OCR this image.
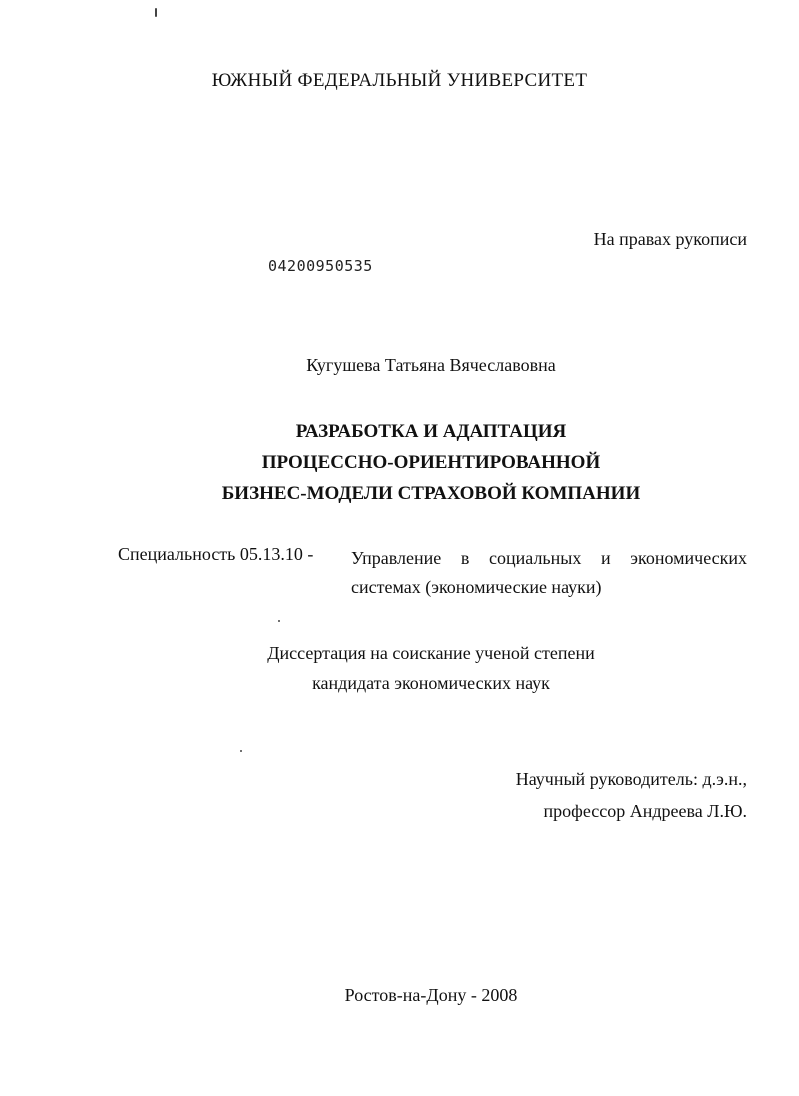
ЮЖНЫЙ ФЕДЕРАЛЬНЫЙ УНИВЕРСИТЕТ
На правах рукописи
04200950535
Кугушева Татьяна Вячеславовна
РАЗРАБОТКА И АДАПТАЦИЯ
ПРОЦЕССНО-ОРИЕНТИРОВАННОЙ
БИЗНЕС-МОДЕЛИ СТРАХОВОЙ КОМПАНИИ
Специальность 05.13.10 - Управление в социальных и экономических
системах (экономические науки)
Диссертация на соискание ученой степени
кандидата экономических наук
Научный руководитель: д.э.н.,
профессор Андреева Л.Ю.
Ростов-на-Дону - 2008
